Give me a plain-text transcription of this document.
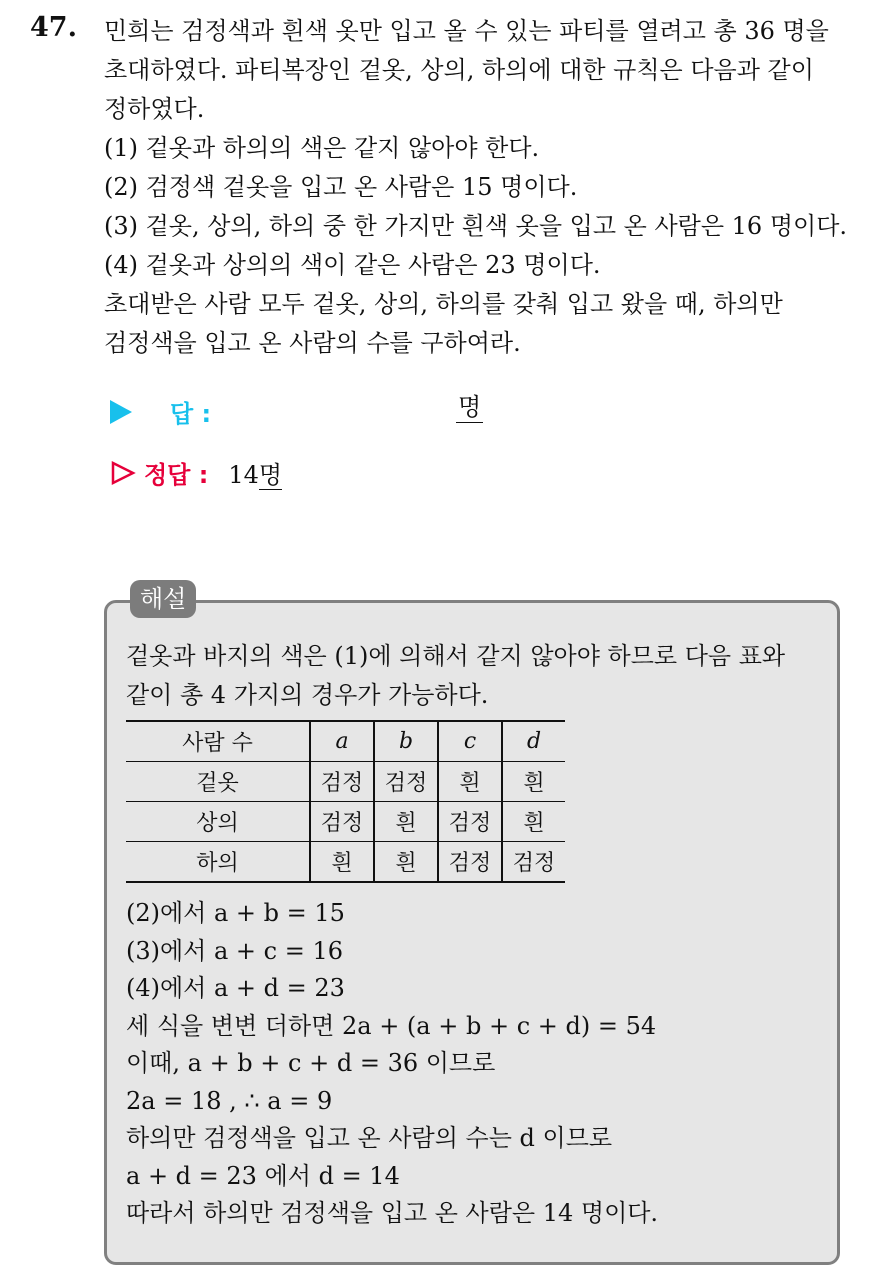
47. 민희는 검정색과 흰색 옷만 입고 올 수 있는 파티를 열려고 총 36 명을

초대하였다. 파티복장인 겉옷, 상의, 하의에 대한 규칙은 다음과 같이

정하였다.

(1) 겉옷과 하의의 색은 같지 않아야 한다.

(2) 검정색 겉옷을 입고 온 사람은 15 명이다.

(3) 겉옷, 상의, 하의 중 한 가지만 흰색 옷을 입고 온 사람은 16 명이다.

(4) 겉옷과 상의의 색이 같은 사람은 23 명이다.

초대받은 사람 모두 겉옷, 상의, 하의를 갖춰 입고 왔을 때, 하의만

검정색을 입고 온 사람의 수를 구하여라.

답 :	명
정답 : 14명
해설
겉옷과 바지의 색은 (1)에 의해서 같지 않아야 하므로 다음 표와
같이 총 4 가지의 경우가 가능하다.
사람 수	a	b	c	d
겉옷	검정	검정	흰	흰
상의	검정	흰	검정	흰
하의	흰	흰	검정	검정
(2)에서 a + b = 15
(3)에서 a + c = 16
(4)에서 a + d = 23
세 식을 변변 더하면 2a + (a + b + c + d) = 54
이때, a + b + c + d = 36 이므로
2a = 18 , ∴ a = 9
하의만 검정색을 입고 온 사람의 수는 d 이므로
a + d = 23 에서 d = 14
따라서 하의만 검정색을 입고 온 사람은 14 명이다.
